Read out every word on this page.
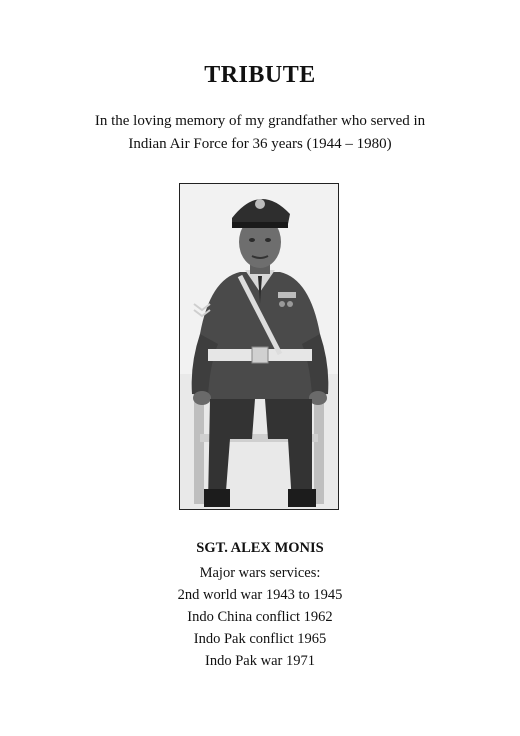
TRIBUTE
In the loving memory of my grandfather who served in
Indian Air Force for 36 years (1944 – 1980)
SGT. ALEX MONIS
Major wars services:
2nd world war 1943 to 1945
Indo China conflict 1962
Indo Pak conflict 1965
Indo Pak war 1971
